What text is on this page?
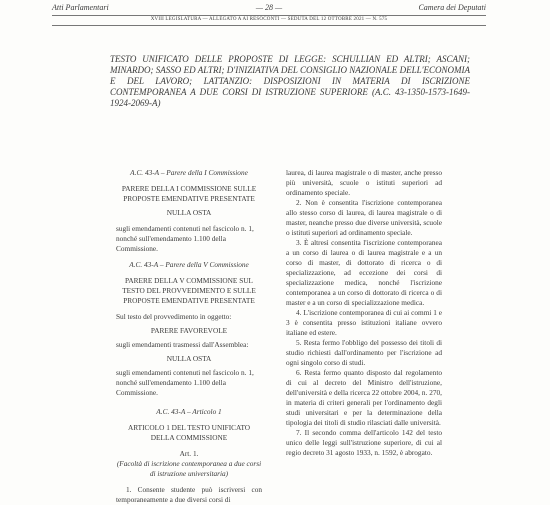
Atti Parlamentari	— 28 —	Camera dei Deputati
XVIII LEGISLATURA — ALLEGATO A AI RESOCONTI — SEDUTA DEL 12 OTTOBRE 2021 — N. 575
TESTO UNIFICATO DELLE PROPOSTE DI LEGGE: SCHULLIAN ED ALTRI; ASCANI; MINARDO; SASSO ED ALTRI; D'INIZIATIVA DEL CONSIGLIO NAZIONALE DELL'ECONOMIA E DEL LAVORO; LATTANZIO: DISPOSIZIONI IN MATERIA DI ISCRIZIONE CONTEMPORANEA A DUE CORSI DI ISTRUZIONE SUPERIORE (A.C. 43-1350-1573-1649-1924-2069-A)

A.C. 43-A – Parere della I Commissione

PARERE DELLA I COMMISSIONE SULLE PROPOSTE EMENDATIVE PRESENTATE

NULLA OSTA

sugli emendamenti contenuti nel fascicolo n. 1, nonché sull'emendamento 1.100 della Commissione.

A.C. 43-A – Parere della V Commissione

PARERE DELLA V COMMISSIONE SUL TESTO DEL PROVVEDIMENTO E SULLE PROPOSTE EMENDATIVE PRESENTATE

Sul testo del provvedimento in oggetto:

PARERE FAVOREVOLE

sugli emendamenti trasmessi dall'Assemblea:

NULLA OSTA

sugli emendamenti contenuti nel fascicolo n. 1, nonché sull'emendamento 1.100 della Commissione.

A.C. 43-A – Articolo 1

ARTICOLO 1 DEL TESTO UNIFICATO DELLA COMMISSIONE

Art. 1.

(Facoltà di iscrizione contemporanea a due corsi di istruzione universitaria)

1. Consente studente può iscriversi con temporaneamente a due diversi corsi di

laurea, di laurea magistrale o di master, anche presso più università, scuole o istituti superiori ad ordinamento speciale.

2. Non è consentita l'iscrizione contemporanea allo stesso corso di laurea, di laurea magistrale o di master, neanche presso due diverse università, scuole o istituti superiori ad ordinamento speciale.

3. È altresì consentita l'iscrizione contemporanea a un corso di laurea o di laurea magistrale e a un corso di master, di dottorato di ricerca o di specializzazione, ad eccezione dei corsi di specializzazione medica, nonché l'iscrizione contemporanea a un corso di dottorato di ricerca o di master e a un corso di specializzazione medica.

4. L'iscrizione contemporanea di cui ai commi 1 e 3 è consentita presso istituzioni italiane ovvero italiane ed estere.

5. Resta fermo l'obbligo del possesso dei titoli di studio richiesti dall'ordinamento per l'iscrizione ad ogni singolo corso di studi.

6. Resta fermo quanto disposto dal regolamento di cui al decreto del Ministro dell'istruzione, dell'università e della ricerca 22 ottobre 2004, n. 270, in materia di criteri generali per l'ordinamento degli studi universitari e per la determinazione della tipologia dei titoli di studio rilasciati dalle università.

7. Il secondo comma dell'articolo 142 del testo unico delle leggi sull'istruzione superiore, di cui al regio decreto 31 agosto 1933, n. 1592, è abrogato.
